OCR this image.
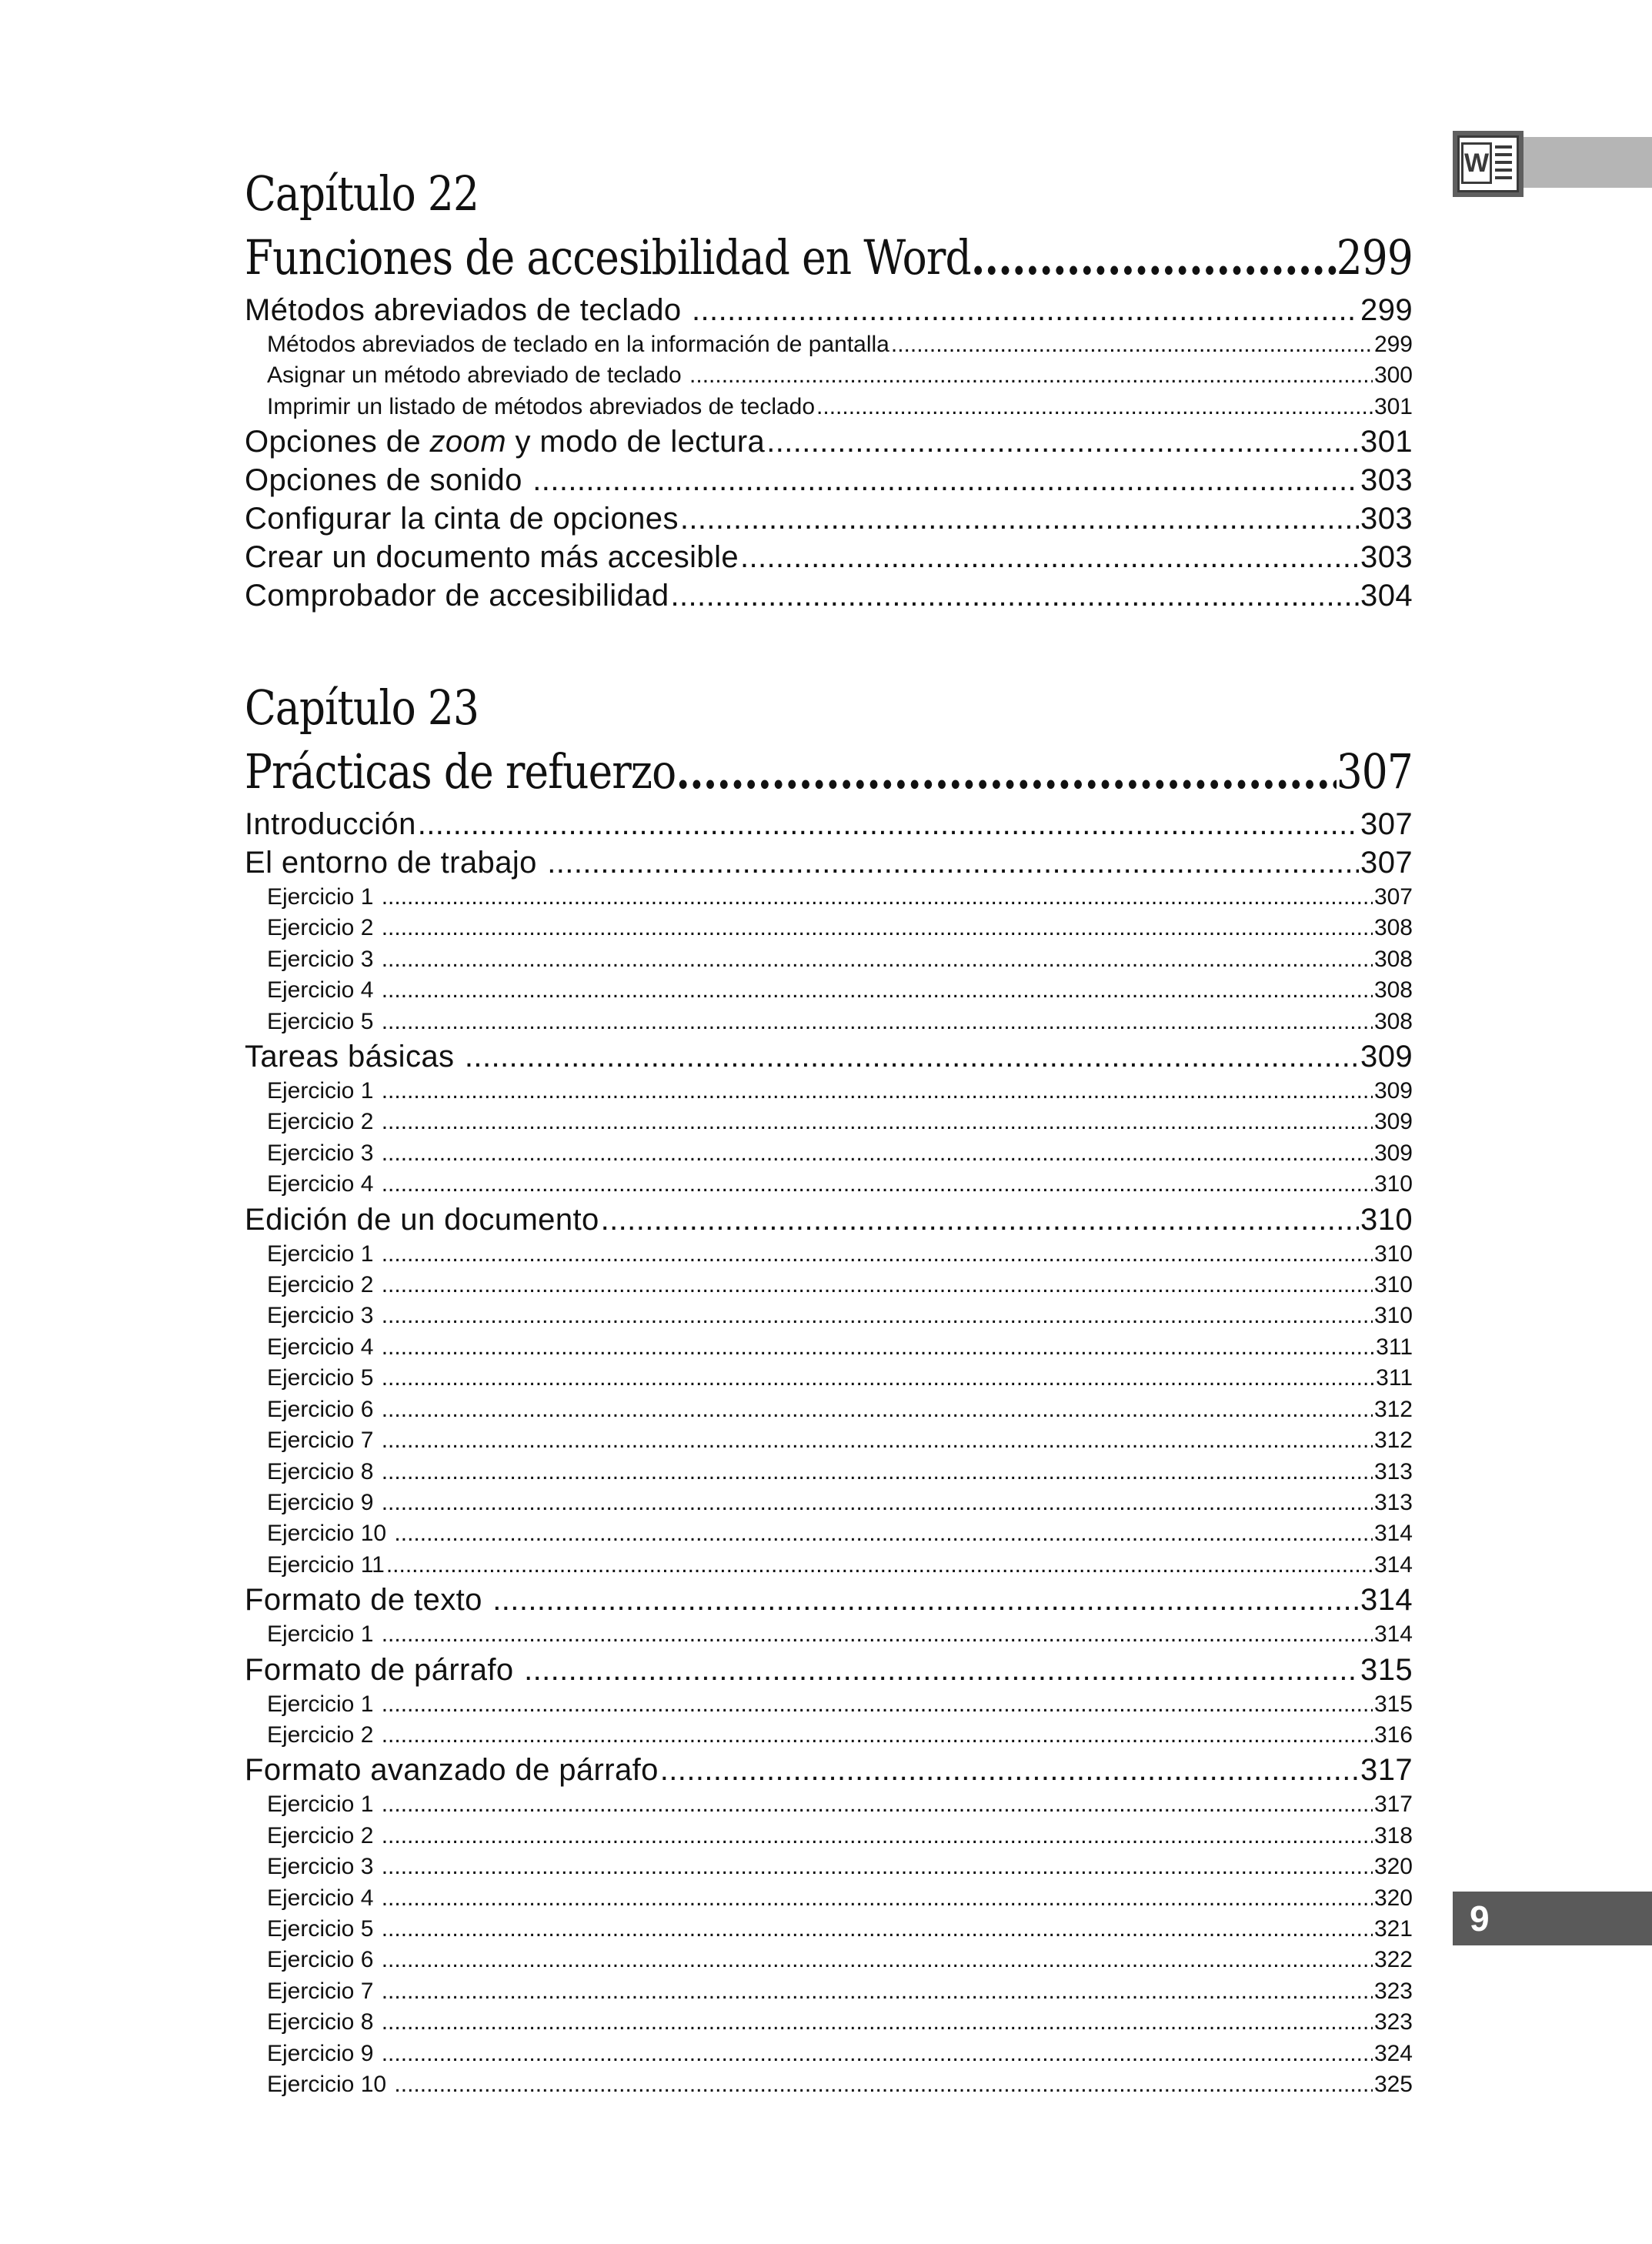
W
9
Capítulo 22
Funciones de accesibilidad en Word .....	299
Métodos abreviados de teclado .....	299
Métodos abreviados de teclado en la información de pantalla .....	299
Asignar un método abreviado de teclado .....	300
Imprimir un listado de métodos abreviados de teclado .....	301
Opciones de zoom y modo de lectura .....	301
Opciones de sonido .....	303
Configurar la cinta de opciones .....	303
Crear un documento más accesible .....	303
Comprobador de accesibilidad .....	304
Capítulo 23
Prácticas de refuerzo .....	307
Introducción .....	307
El entorno de trabajo .....	307
Ejercicio 1 .....	307
Ejercicio 2 .....	308
Ejercicio 3 .....	308
Ejercicio 4 .....	308
Ejercicio 5 .....	308
Tareas básicas .....	309
Ejercicio 1 .....	309
Ejercicio 2 .....	309
Ejercicio 3 .....	309
Ejercicio 4 .....	310
Edición de un documento .....	310
Ejercicio 1 .....	310
Ejercicio 2 .....	310
Ejercicio 3 .....	310
Ejercicio 4 .....	311
Ejercicio 5 .....	311
Ejercicio 6 .....	312
Ejercicio 7 .....	312
Ejercicio 8 .....	313
Ejercicio 9 .....	313
Ejercicio 10 .....	314
Ejercicio 11 .....	314
Formato de texto .....	314
Ejercicio 1 .....	314
Formato de párrafo .....	315
Ejercicio 1 .....	315
Ejercicio 2 .....	316
Formato avanzado de párrafo .....	317
Ejercicio 1 .....	317
Ejercicio 2 .....	318
Ejercicio 3 .....	320
Ejercicio 4 .....	320
Ejercicio 5 .....	321
Ejercicio 6 .....	322
Ejercicio 7 .....	323
Ejercicio 8 .....	323
Ejercicio 9 .....	324
Ejercicio 10 .....	325
